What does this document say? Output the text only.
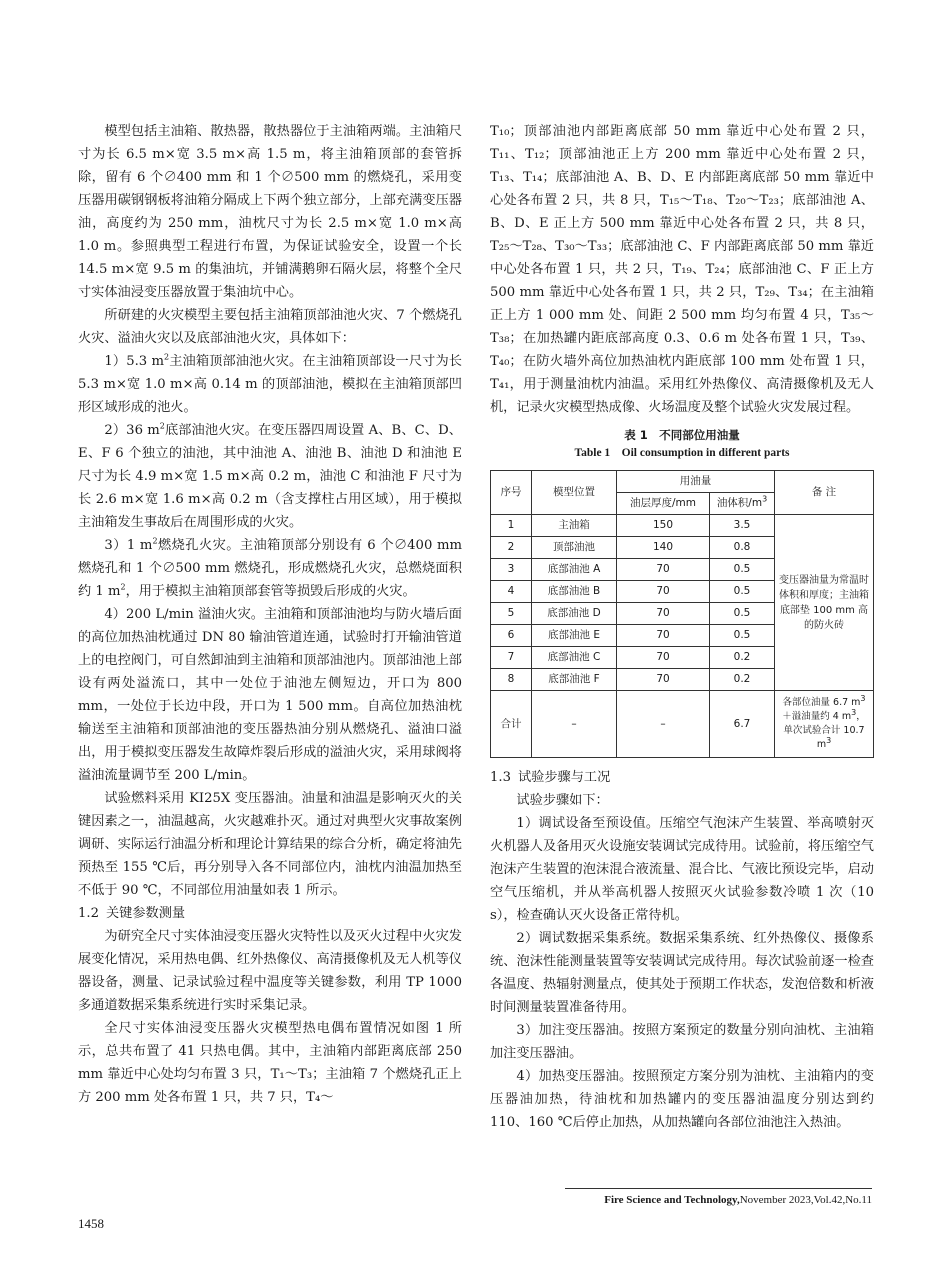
模型包括主油箱、散热器，散热器位于主油箱两端。主油箱尺寸为长 6.5 m×宽 3.5 m×高 1.5 m，将主油箱顶部的套管拆除，留有 6 个∅400 mm 和 1 个∅500 mm 的燃烧孔，采用变压器用碳钢钢板将油箱分隔成上下两个独立部分，上部充满变压器油，高度约为 250 mm，油枕尺寸为长 2.5 m×宽 1.0 m×高 1.0 m。参照典型工程进行布置，为保证试验安全，设置一个长 14.5 m×宽 9.5 m 的集油坑，并铺满鹅卵石隔火层，将整个全尺寸实体油浸变压器放置于集油坑中心。

所研建的火灾模型主要包括主油箱顶部油池火灾、7 个燃烧孔火灾、溢油火灾以及底部油池火灾，具体如下：

1）5.3 $m^2$主油箱顶部油池火灾。在主油箱顶部设一尺寸为长 5.3 m×宽 1.0 m×高 0.14 m 的顶部油池，模拟在主油箱顶部凹形区域形成的池火。

2）36 $m^2$底部油池火灾。在变压器四周设置 A、B、C、D、E、F 6 个独立的油池，其中油池 A、油池 B、油池 D 和油池 E 尺寸为长 4.9 m×宽 1.5 m×高 0.2 m，油池 C 和油池 F 尺寸为长 2.6 m×宽 1.6 m×高 0.2 m（含支撑柱占用区域），用于模拟主油箱发生事故后在周围形成的火灾。

3）1 $m^2$燃烧孔火灾。主油箱顶部分别设有 6 个∅400 mm 燃烧孔和 1 个∅500 mm 燃烧孔，形成燃烧孔火灾，总燃烧面积约 1 $m^2$，用于模拟主油箱顶部套管等损毁后形成的火灾。

4）200 L/min 溢油火灾。主油箱和顶部油池均与防火墙后面的高位加热油枕通过 DN 80 输油管道连通，试验时打开输油管道上的电控阀门，可自然卸油到主油箱和顶部油池内。顶部油池上部设有两处溢流口，其中一处位于油池左侧短边，开口为 800 mm，一处位于长边中段，开口为 1 500 mm。自高位加热油枕输送至主油箱和顶部油池的变压器热油分别从燃烧孔、溢油口溢出，用于模拟变压器发生故障炸裂后形成的溢油火灾，采用球阀将溢油流量调节至 200 L/min。

试验燃料采用 KI25X 变压器油。油量和油温是影响灭火的关键因素之一，油温越高，火灾越难扑灭。通过对典型火灾事故案例调研、实际运行油温分析和理论计算结果的综合分析，确定将油先预热至 155 ℃后，再分别导入各不同部位内，油枕内油温加热至不低于 90 ℃，不同部位用油量如表 1 所示。

1.2 关键参数测量

为研究全尺寸实体油浸变压器火灾特性以及灭火过程中火灾发展变化情况，采用热电偶、红外热像仪、高清摄像机及无人机等仪器设备，测量、记录试验过程中温度等关键参数，利用 TP 1000 多通道数据采集系统进行实时采集记录。

全尺寸实体油浸变压器火灾模型热电偶布置情况如图 1 所示，总共布置了 41 只热电偶。其中，主油箱内部距离底部 250 mm 靠近中心处均匀布置 3 只，T₁～T₃；主油箱 7 个燃烧孔正上方 200 mm 处各布置 1 只，共 7 只，T₄～

T₁₀；顶部油池内部距离底部 50 mm 靠近中心处布置 2 只，T₁₁、T₁₂；顶部油池正上方 200 mm 靠近中心处布置 2 只，T₁₃、T₁₄；底部油池 A、B、D、E 内部距离底部 50 mm 靠近中心处各布置 2 只，共 8 只，T₁₅～T₁₈、T₂₀～T₂₃；底部油池 A、B、D、E 正上方 500 mm 靠近中心处各布置 2 只，共 8 只，T₂₅～T₂₈、T₃₀～T₃₃；底部油池 C、F 内部距离底部 50 mm 靠近中心处各布置 1 只，共 2 只，T₁₉、T₂₄；底部油池 C、F 正上方 500 mm 靠近中心处各布置 1 只，共 2 只，T₂₉、T₃₄；在主油箱正上方 1 000 mm 处、间距 2 500 mm 均匀布置 4 只，T₃₅～T₃₈；在加热罐内距底部高度 0.3、0.6 m 处各布置 1 只，T₃₉、T₄₀；在防火墙外高位加热油枕内距底部 100 mm 处布置 1 只，T₄₁，用于测量油枕内油温。采用红外热像仪、高清摄像机及无人机，记录火灾模型热成像、火场温度及整个试验火灾发展过程。

表 1　不同部位用油量
Table 1　Oil consumption in different parts
序号	模型位置	用油量		备 注
		油层厚度/mm	油体积$/m^3$
1	主油箱	150	3.5	变压器油量为常温时体积和厚度；主油箱底部垫 100 mm 高的防火砖
2	顶部油池	140	0.8	
3	底部油池 A	70	0.5	
4	底部油池 B	70	0.5	
5	底部油池 D	70	0.5	
6	底部油池 E	70	0.5	
7	底部油池 C	70	0.2	
8	底部油池 F	70	0.2	
合计	–	–	6.7	各部位油量 6.7 $m^3+$溢油量约 4 $m^3$，单次试验合计 10.7 $m^3$
1.3 试验步骤与工况

试验步骤如下：

1）调试设备至预设值。压缩空气泡沫产生装置、举高喷射灭火机器人及备用灭火设施安装调试完成待用。试验前，将压缩空气泡沫产生装置的泡沫混合液流量、混合比、气液比预设完毕，启动空气压缩机，并从举高机器人按照灭火试验参数冷喷 1 次（10 s），检查确认灭火设备正常待机。

2）调试数据采集系统。数据采集系统、红外热像仪、摄像系统、泡沫性能测量装置等安装调试完成待用。每次试验前逐一检查各温度、热辐射测量点，使其处于预期工作状态，发泡倍数和析液时间测量装置准备待用。

3）加注变压器油。按照方案预定的数量分别向油枕、主油箱加注变压器油。

4）加热变压器油。按照预定方案分别为油枕、主油箱内的变压器油加热，待油枕和加热罐内的变压器油温度分别达到约 110、160 ℃后停止加热，从加热罐向各部位油池注入热油。

1458
Fire Science and Technology,November 2023,Vol.42,No.11
